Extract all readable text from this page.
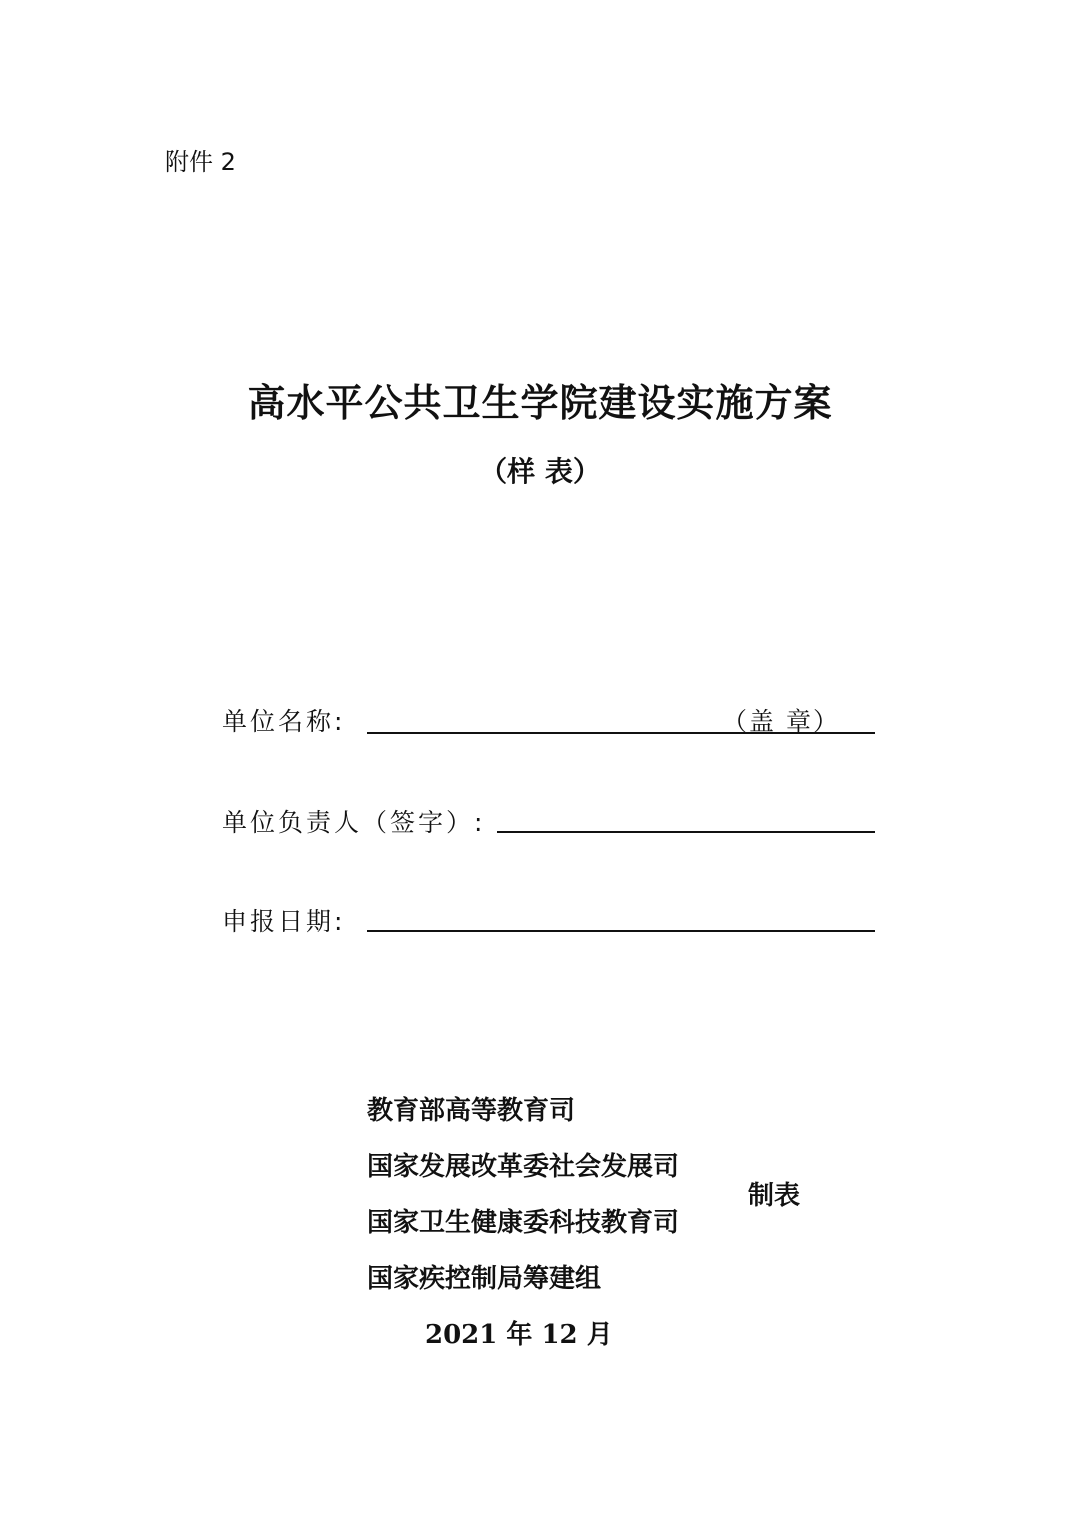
附件 2
高水平公共卫生学院建设实施方案
（样 表）
单位名称:	（盖 章）
单位负责人（签字）:
申报日期:
教育部高等教育司
国家发展改革委社会发展司
国家卫生健康委科技教育司
国家疾控制局筹建组
制表
2021 年 12 月
